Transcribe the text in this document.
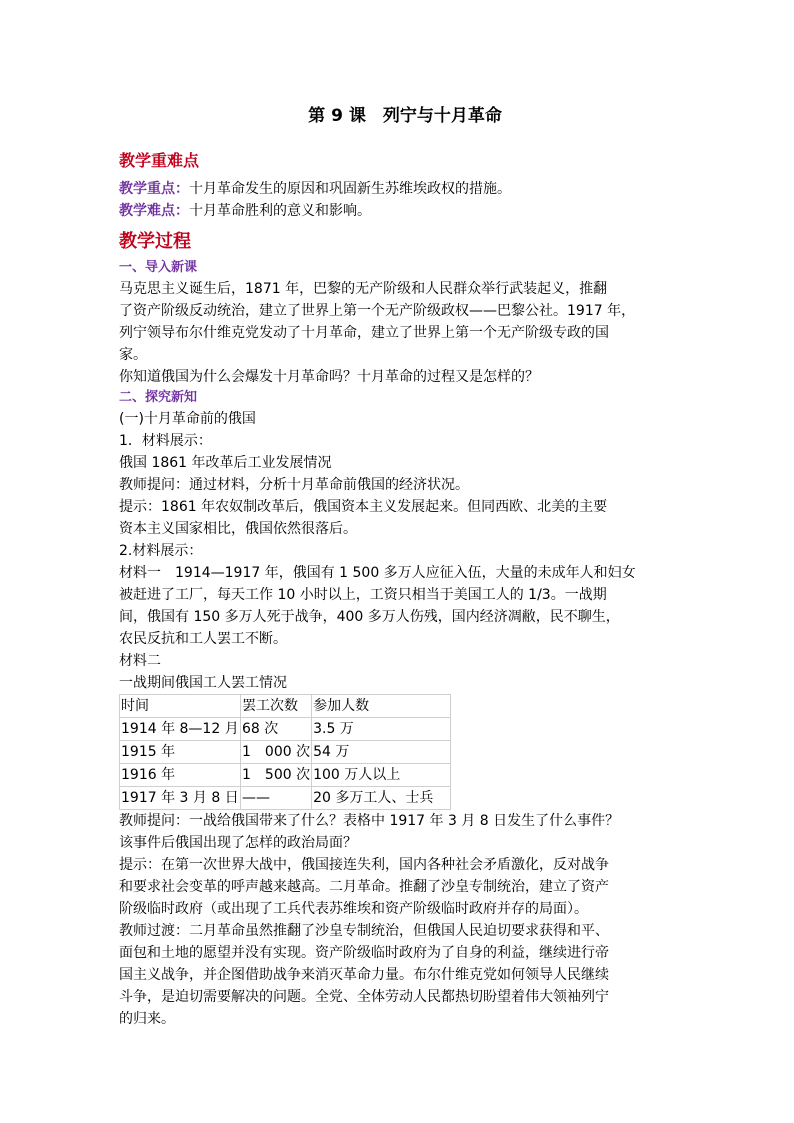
第 9 课　列宁与十月革命
教学重难点
教学重点：十月革命发生的原因和巩固新生苏维埃政权的措施。
教学难点：十月革命胜利的意义和影响。
教学过程
一、导入新课
马克思主义诞生后，1871 年，巴黎的无产阶级和人民群众举行武装起义，推翻
了资产阶级反动统治，建立了世界上第一个无产阶级政权——巴黎公社。1917 年，
列宁领导布尔什维克党发动了十月革命，建立了世界上第一个无产阶级专政的国
家。
你知道俄国为什么会爆发十月革命吗？十月革命的过程又是怎样的？
二、探究新知
(一)十月革命前的俄国
1．材料展示：
俄国 1861 年改革后工业发展情况
教师提问：通过材料，分析十月革命前俄国的经济状况。
提示：1861 年农奴制改革后，俄国资本主义发展起来。但同西欧、北美的主要
资本主义国家相比，俄国依然很落后。
2.材料展示：
材料一　1914—1917 年，俄国有 1 500 多万人应征入伍，大量的未成年人和妇女
被赶进了工厂，每天工作 10 小时以上，工资只相当于美国工人的 1/3。一战期
间，俄国有 150 多万人死于战争，400 多万人伤残，国内经济凋敝，民不聊生，
农民反抗和工人罢工不断。
材料二
一战期间俄国工人罢工情况
时间	罢工次数	参加人数
1914 年 8—12 月	68 次	3.5 万
1915 年	1　000 次	54 万
1916 年	1　500 次	100 万人以上
1917 年 3 月 8 日	——	20 多万工人、士兵
教师提问：一战给俄国带来了什么？表格中 1917 年 3 月 8 日发生了什么事件？
该事件后俄国出现了怎样的政治局面？
提示：在第一次世界大战中，俄国接连失利，国内各种社会矛盾激化，反对战争
和要求社会变革的呼声越来越高。二月革命。推翻了沙皇专制统治，建立了资产
阶级临时政府（或出现了工兵代表苏维埃和资产阶级临时政府并存的局面）。
教师过渡：二月革命虽然推翻了沙皇专制统治，但俄国人民迫切要求获得和平、
面包和土地的愿望并没有实现。资产阶级临时政府为了自身的利益，继续进行帝
国主义战争，并企图借助战争来消灭革命力量。布尔什维克党如何领导人民继续
斗争，是迫切需要解决的问题。全党、全体劳动人民都热切盼望着伟大领袖列宁
的归来。
